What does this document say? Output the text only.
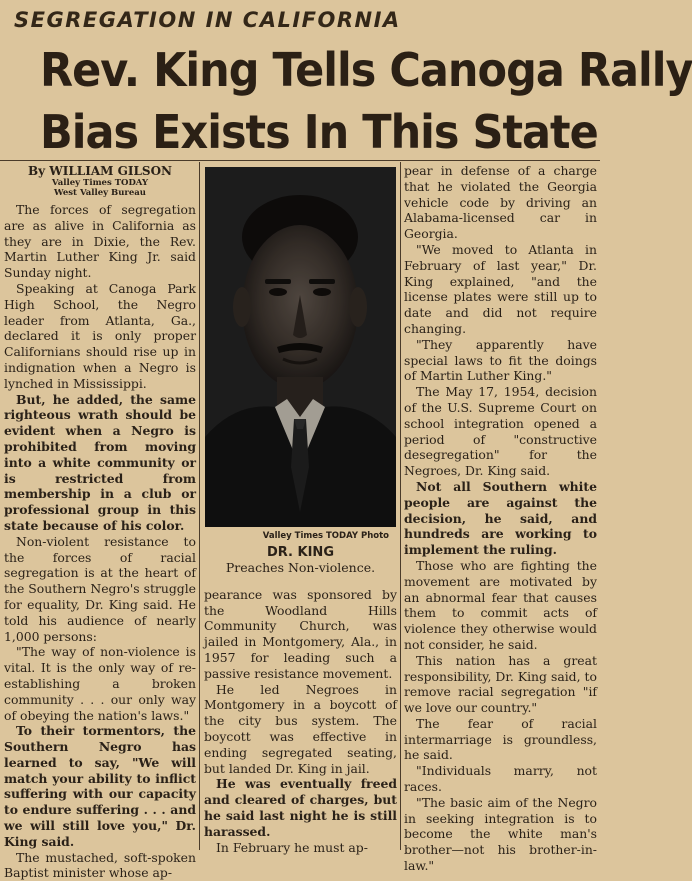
SEGREGATION IN CALIFORNIA
Rev. King Tells Canoga Rally
Bias Exists In This State
By WILLIAM GILSON
Valley Times TODAY
West Valley Bureau

The forces of segregation are as alive in California as they are in Dixie, the Rev. Martin Luther King Jr. said Sunday night.

Speaking at Canoga Park High School, the Negro leader from Atlanta, Ga., declared it is only proper Californians should rise up in indignation when a Negro is lynched in Mississippi.

But, he added, the same righteous wrath should be evident when a Negro is prohibited from moving into a white community or is restricted from membership in a club or professional group in this state because of his color.

Non-violent resistance to the forces of racial segregation is at the heart of the Southern Negro's struggle for equality, Dr. King said. He told his audience of nearly 1,000 persons:

"The way of non-violence is vital. It is the only way of re-establishing a broken community . . . our only way of obeying the nation's laws."

To their tormentors, the Southern Negro has learned to say, "We will match your ability to inflict suffering with our capacity to endure suffering . . . and we will still love you," Dr. King said.

The mustached, soft-spoken Baptist minister whose ap-

Valley Times TODAY Photo
DR. KING
Preaches Non-violence.

pearance was sponsored by the Woodland Hills Community Church, was jailed in Montgomery, Ala., in 1957 for leading such a passive resistance movement.

He led Negroes in Montgomery in a boycott of the city bus system. The boycott was effective in ending segregated seating, but landed Dr. King in jail.

He was eventually freed and cleared of charges, but he said last night he is still harassed.

In February he must ap-

pear in defense of a charge that he violated the Georgia vehicle code by driving an Alabama-licensed car in Georgia.

"We moved to Atlanta in February of last year," Dr. King explained, "and the license plates were still up to date and did not require changing.

"They apparently have special laws to fit the doings of Martin Luther King."

The May 17, 1954, decision of the U.S. Supreme Court on school integration opened a period of "constructive desegregation" for the Negroes, Dr. King said.

Not all Southern white people are against the decision, he said, and hundreds are working to implement the ruling.

Those who are fighting the movement are motivated by an abnormal fear that causes them to commit acts of violence they otherwise would not consider, he said.

This nation has a great responsibility, Dr. King said, to remove racial segregation "if we love our country."

The fear of racial intermarriage is groundless, he said.

"Individuals marry, not races.

"The basic aim of the Negro in seeking integration is to become the white man's brother—not his brother-in-law."
